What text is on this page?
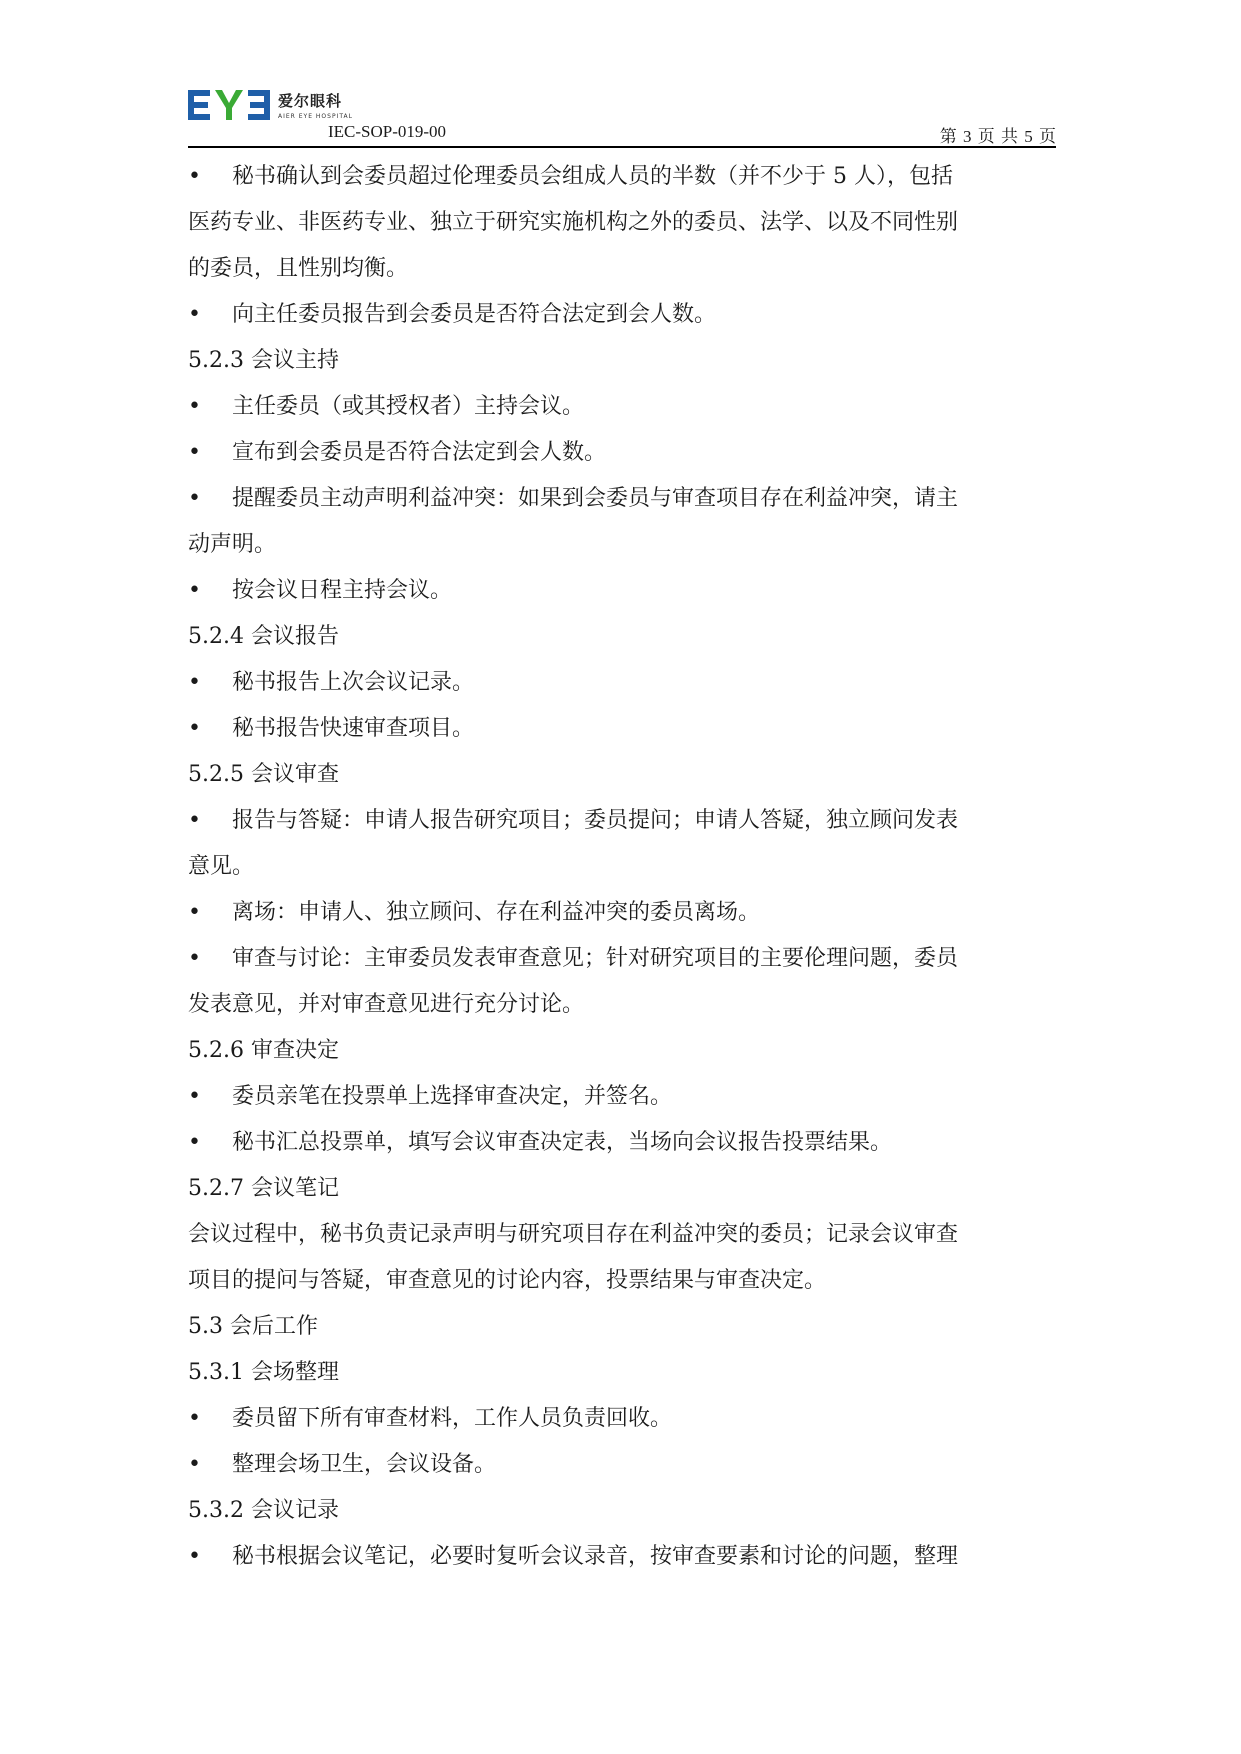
爱尔眼科
AIER EYE HOSPITAL
IEC-SOP-019-00	第 3 页 共 5 页
• 秘书确认到会委员超过伦理委员会组成人员的半数（并不少于 5 人），包括
医药专业、非医药专业、独立于研究实施机构之外的委员、法学、以及不同性别
的委员，且性别均衡。
• 向主任委员报告到会委员是否符合法定到会人数。
5.2.3 会议主持
• 主任委员（或其授权者）主持会议。
• 宣布到会委员是否符合法定到会人数。
• 提醒委员主动声明利益冲突：如果到会委员与审查项目存在利益冲突，请主
动声明。
• 按会议日程主持会议。
5.2.4 会议报告
• 秘书报告上次会议记录。
• 秘书报告快速审查项目。
5.2.5 会议审查
• 报告与答疑：申请人报告研究项目；委员提问；申请人答疑，独立顾问发表
意见。
• 离场：申请人、独立顾问、存在利益冲突的委员离场。
• 审查与讨论：主审委员发表审查意见；针对研究项目的主要伦理问题，委员
发表意见，并对审查意见进行充分讨论。
5.2.6 审查决定
• 委员亲笔在投票单上选择审查决定，并签名。
• 秘书汇总投票单，填写会议审查决定表，当场向会议报告投票结果。
5.2.7 会议笔记
会议过程中，秘书负责记录声明与研究项目存在利益冲突的委员；记录会议审查
项目的提问与答疑，审查意见的讨论内容，投票结果与审查决定。
5.3 会后工作
5.3.1 会场整理
• 委员留下所有审查材料，工作人员负责回收。
• 整理会场卫生，会议设备。
5.3.2 会议记录
• 秘书根据会议笔记，必要时复听会议录音，按审查要素和讨论的问题，整理
